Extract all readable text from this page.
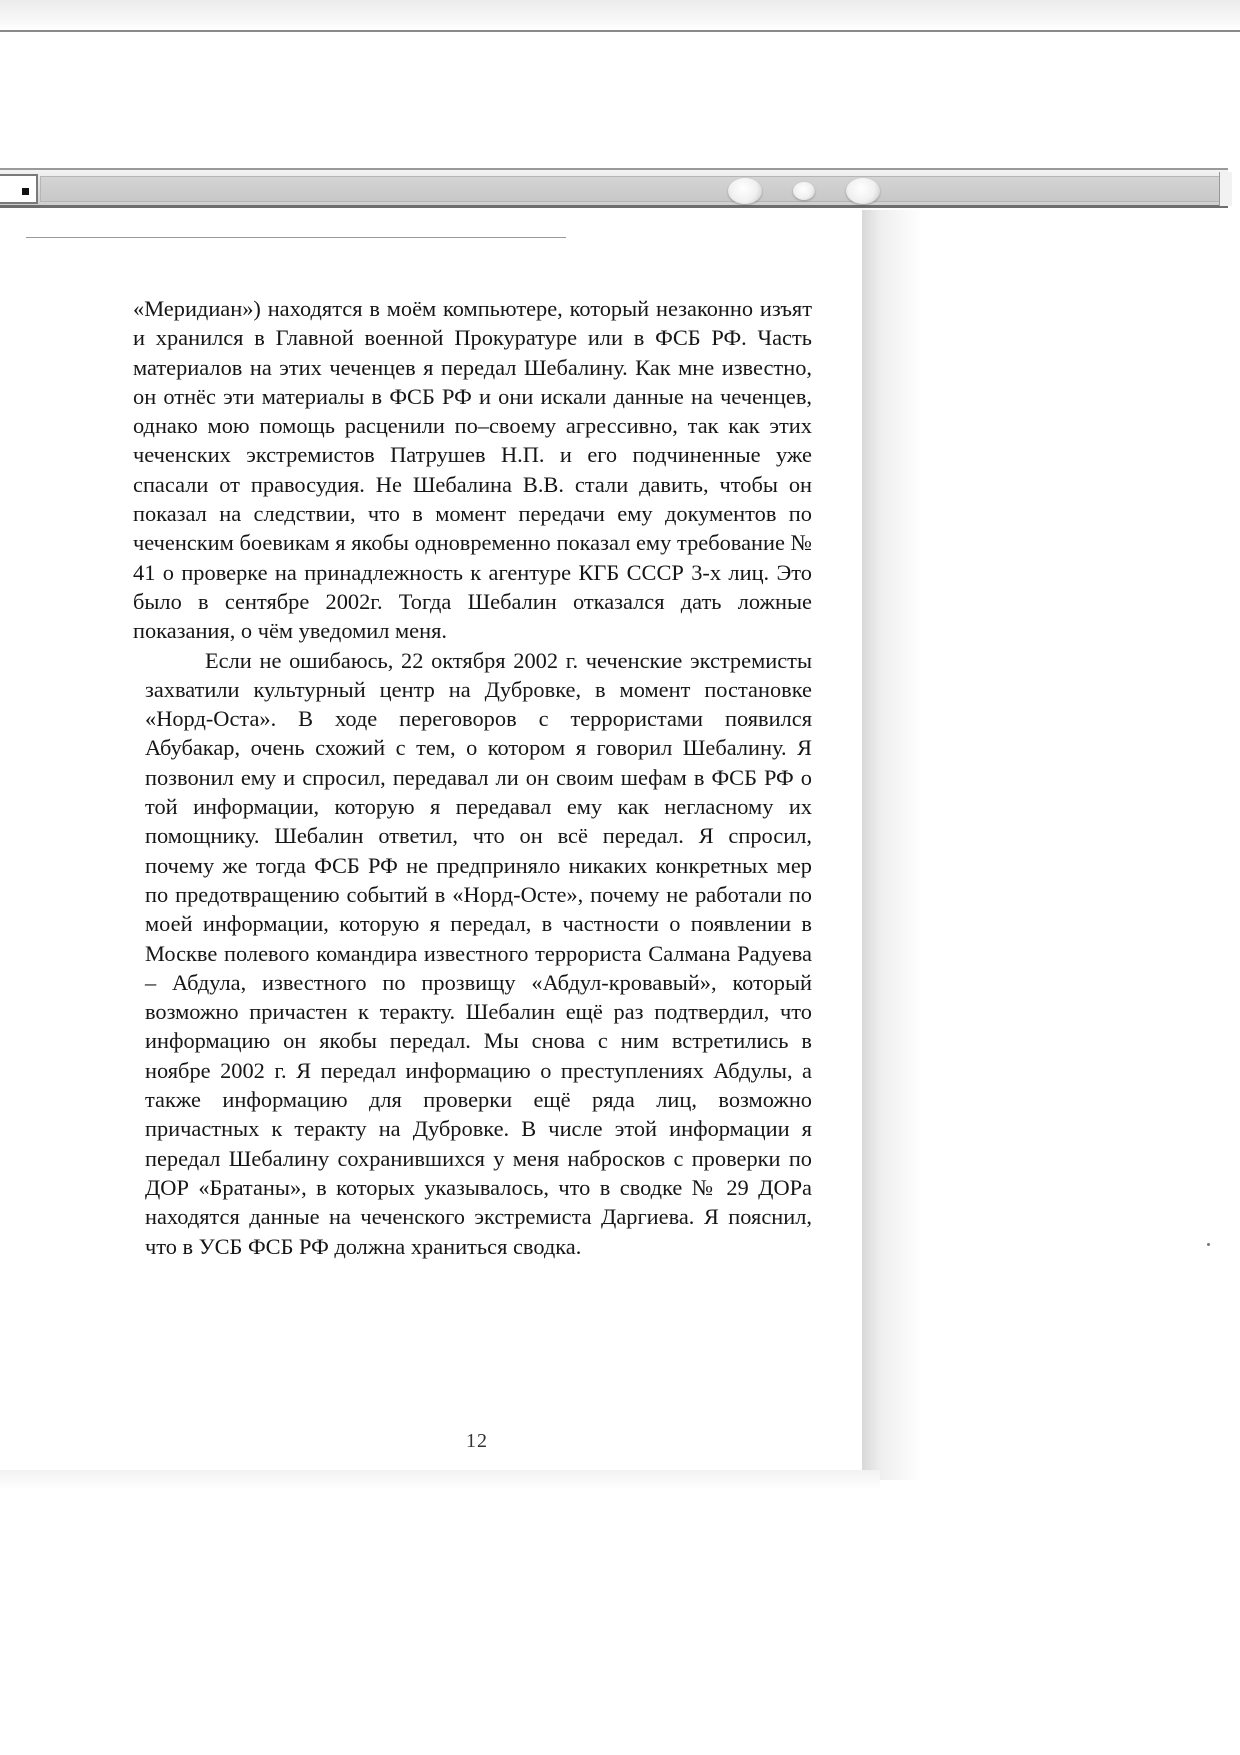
«Меридиан») находятся в моём компьютере, который незаконно изъят и хранился в Главной военной Прокуратуре или в ФСБ РФ. Часть материалов на этих чеченцев я передал Шебалину. Как мне известно, он отнёс эти материалы в ФСБ РФ и они искали данные на чеченцев, однако мою помощь расценили по–своему агрессивно, так как этих чеченских экстремистов Патрушев Н.П. и его подчиненные уже спасали от правосудия. Не Шебалина В.В. стали давить, чтобы он показал на следствии, что в момент передачи ему документов по чеченским боевикам я якобы одновременно показал ему требование № 41 о проверке на принадлежность к агентуре КГБ СССР 3-х лиц. Это было в сентябре 2002г. Тогда Шебалин отказался дать ложные показания, о чём уведомил меня.

Если не ошибаюсь, 22 октября 2002 г. чеченские экстремисты захватили культурный центр на Дубровке, в момент постановке «Норд-Оста». В ходе переговоров с террористами появился Абубакар, очень схожий с тем, о котором я говорил Шебалину. Я позвонил ему и спросил, передавал ли он своим шефам в ФСБ РФ о той информации, которую я передавал ему как негласному их помощнику. Шебалин ответил, что он всё передал. Я спросил, почему же тогда ФСБ РФ не предприняло никаких конкретных мер по предотвращению событий в «Норд-Осте», почему не работали по моей информации, которую я передал, в частности о появлении в Москве полевого командира известного террориста Салмана Радуева – Абдула, известного по прозвищу «Абдул-кровавый», который возможно причастен к теракту. Шебалин ещё раз подтвердил, что информацию он якобы передал. Мы снова с ним встретились в ноябре 2002 г. Я передал информацию о преступлениях Абдулы, а также информацию для проверки ещё ряда лиц, возможно причастных к теракту на Дубровке. В числе этой информации я передал Шебалину сохранившихся у меня набросков с проверки по ДОР «Братаны», в которых указывалось, что в сводке № 29 ДОРа находятся данные на чеченского экстремиста Даргиева. Я пояснил, что в УСБ ФСБ РФ должна храниться сводка.

12
